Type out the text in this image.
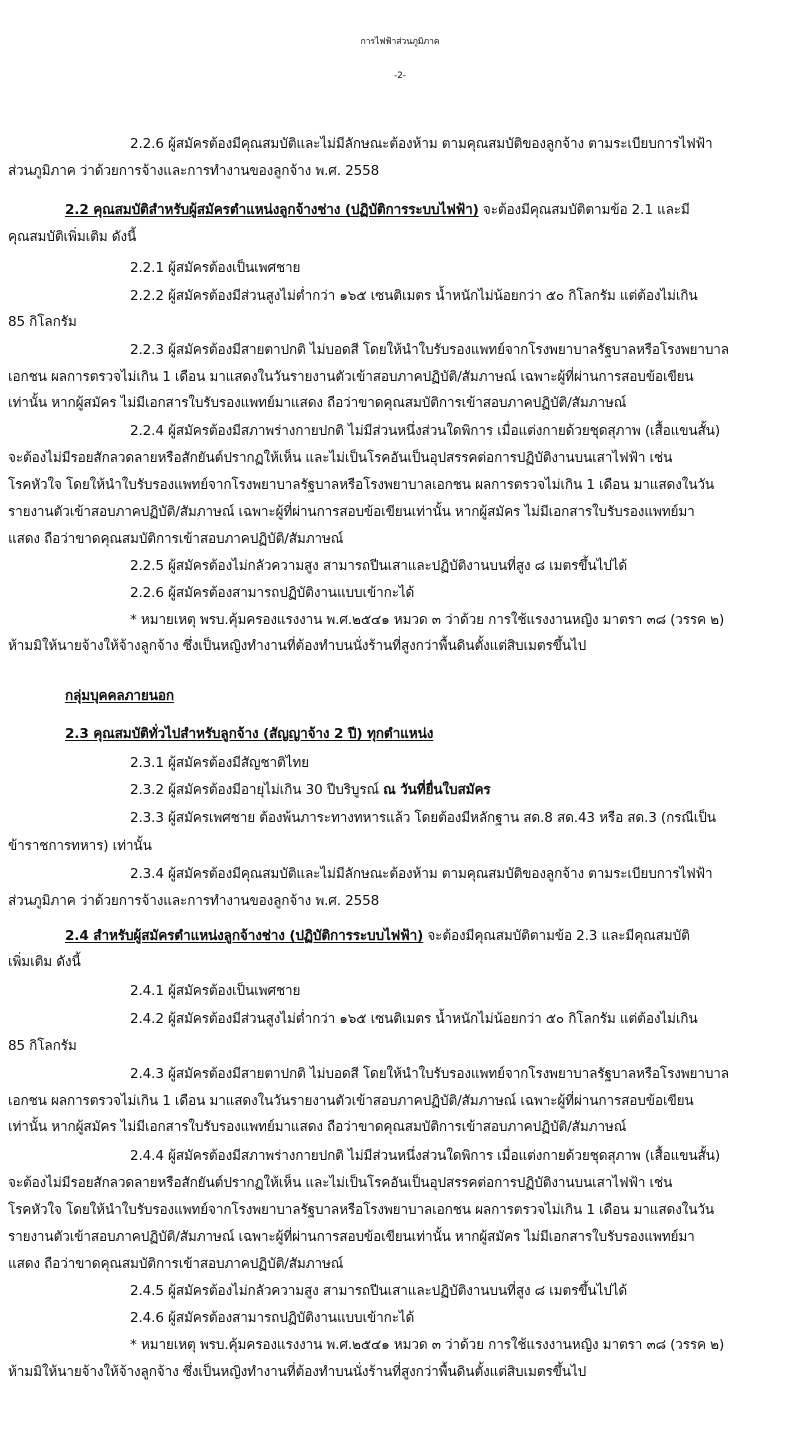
การไฟฟ้าส่วนภูมิภาค
-2-
2.2.6 ผู้สมัครต้องมีคุณสมบัติและไม่มีลักษณะต้องห้าม ตามคุณสมบัติของลูกจ้าง ตามระเบียบการไฟฟ้า
ส่วนภูมิภาค ว่าด้วยการจ้างและการทำงานของลูกจ้าง พ.ศ. 2558
2.2 คุณสมบัติสำหรับผู้สมัครตำแหน่งลูกจ้างช่าง (ปฏิบัติการระบบไฟฟ้า) จะต้องมีคุณสมบัติตามข้อ 2.1 และมี
คุณสมบัติเพิ่มเติม ดังนี้
2.2.1 ผู้สมัครต้องเป็นเพศชาย
2.2.2 ผู้สมัครต้องมีส่วนสูงไม่ต่ำกว่า ๑๖๕ เซนติเมตร น้ำหนักไม่น้อยกว่า ๕๐ กิโลกรัม แต่ต้องไม่เกิน
85 กิโลกรัม
2.2.3 ผู้สมัครต้องมีสายตาปกติ ไม่บอดสี โดยให้นำใบรับรองแพทย์จากโรงพยาบาลรัฐบาลหรือโรงพยาบาล
เอกชน ผลการตรวจไม่เกิน 1 เดือน มาแสดงในวันรายงานตัวเข้าสอบภาคปฏิบัติ/สัมภาษณ์ เฉพาะผู้ที่ผ่านการสอบข้อเขียน
เท่านั้น หากผู้สมัคร ไม่มีเอกสารใบรับรองแพทย์มาแสดง ถือว่าขาดคุณสมบัติการเข้าสอบภาคปฏิบัติ/สัมภาษณ์
2.2.4 ผู้สมัครต้องมีสภาพร่างกายปกติ ไม่มีส่วนหนึ่งส่วนใดพิการ เมื่อแต่งกายด้วยชุดสุภาพ (เสื้อแขนสั้น)
จะต้องไม่มีรอยสักลวดลายหรือสักยันต์ปรากฏให้เห็น และไม่เป็นโรคอันเป็นอุปสรรคต่อการปฏิบัติงานบนเสาไฟฟ้า เช่น
โรคหัวใจ โดยให้นำใบรับรองแพทย์จากโรงพยาบาลรัฐบาลหรือโรงพยาบาลเอกชน ผลการตรวจไม่เกิน 1 เดือน มาแสดงในวัน
รายงานตัวเข้าสอบภาคปฏิบัติ/สัมภาษณ์ เฉพาะผู้ที่ผ่านการสอบข้อเขียนเท่านั้น หากผู้สมัคร ไม่มีเอกสารใบรับรองแพทย์มา
แสดง ถือว่าขาดคุณสมบัติการเข้าสอบภาคปฏิบัติ/สัมภาษณ์
2.2.5 ผู้สมัครต้องไม่กลัวความสูง สามารถปีนเสาและปฏิบัติงานบนที่สูง ๘ เมตรขึ้นไปได้
2.2.6 ผู้สมัครต้องสามารถปฏิบัติงานแบบเข้ากะได้
* หมายเหตุ พรบ.คุ้มครองแรงงาน พ.ศ.๒๕๔๑ หมวด ๓ ว่าด้วย การใช้แรงงานหญิง มาตรา ๓๘ (วรรค ๒)
ห้ามมิให้นายจ้างให้จ้างลูกจ้าง ซึ่งเป็นหญิงทำงานที่ต้องทำบนนั่งร้านที่สูงกว่าพื้นดินตั้งแต่สิบเมตรขึ้นไป
กลุ่มบุคคลภายนอก
2.3 คุณสมบัติทั่วไปสำหรับลูกจ้าง (สัญญาจ้าง 2 ปี) ทุกตำแหน่ง
2.3.1 ผู้สมัครต้องมีสัญชาติไทย
2.3.2 ผู้สมัครต้องมีอายุไม่เกิน 30 ปีบริบูรณ์ ณ วันที่ยื่นใบสมัคร
2.3.3 ผู้สมัครเพศชาย ต้องพ้นภาระทางทหารแล้ว โดยต้องมีหลักฐาน สด.8 สด.43 หรือ สด.3 (กรณีเป็น
ข้าราชการทหาร) เท่านั้น
2.3.4 ผู้สมัครต้องมีคุณสมบัติและไม่มีลักษณะต้องห้าม ตามคุณสมบัติของลูกจ้าง ตามระเบียบการไฟฟ้า
ส่วนภูมิภาค ว่าด้วยการจ้างและการทำงานของลูกจ้าง พ.ศ. 2558
2.4 สำหรับผู้สมัครตำแหน่งลูกจ้างช่าง (ปฏิบัติการระบบไฟฟ้า) จะต้องมีคุณสมบัติตามข้อ 2.3 และมีคุณสมบัติ
เพิ่มเติม ดังนี้
2.4.1 ผู้สมัครต้องเป็นเพศชาย
2.4.2 ผู้สมัครต้องมีส่วนสูงไม่ต่ำกว่า ๑๖๕ เซนติเมตร น้ำหนักไม่น้อยกว่า ๕๐ กิโลกรัม แต่ต้องไม่เกิน
85 กิโลกรัม
2.4.3 ผู้สมัครต้องมีสายตาปกติ ไม่บอดสี โดยให้นำใบรับรองแพทย์จากโรงพยาบาลรัฐบาลหรือโรงพยาบาล
เอกชน ผลการตรวจไม่เกิน 1 เดือน มาแสดงในวันรายงานตัวเข้าสอบภาคปฏิบัติ/สัมภาษณ์ เฉพาะผู้ที่ผ่านการสอบข้อเขียน
เท่านั้น หากผู้สมัคร ไม่มีเอกสารใบรับรองแพทย์มาแสดง ถือว่าขาดคุณสมบัติการเข้าสอบภาคปฏิบัติ/สัมภาษณ์
2.4.4 ผู้สมัครต้องมีสภาพร่างกายปกติ ไม่มีส่วนหนึ่งส่วนใดพิการ เมื่อแต่งกายด้วยชุดสุภาพ (เสื้อแขนสั้น)
จะต้องไม่มีรอยสักลวดลายหรือสักยันต์ปรากฏให้เห็น และไม่เป็นโรคอันเป็นอุปสรรคต่อการปฏิบัติงานบนเสาไฟฟ้า เช่น
โรคหัวใจ โดยให้นำใบรับรองแพทย์จากโรงพยาบาลรัฐบาลหรือโรงพยาบาลเอกชน ผลการตรวจไม่เกิน 1 เดือน มาแสดงในวัน
รายงานตัวเข้าสอบภาคปฏิบัติ/สัมภาษณ์ เฉพาะผู้ที่ผ่านการสอบข้อเขียนเท่านั้น หากผู้สมัคร ไม่มีเอกสารใบรับรองแพทย์มา
แสดง ถือว่าขาดคุณสมบัติการเข้าสอบภาคปฏิบัติ/สัมภาษณ์
2.4.5 ผู้สมัครต้องไม่กลัวความสูง สามารถปีนเสาและปฏิบัติงานบนที่สูง ๘ เมตรขึ้นไปได้
2.4.6 ผู้สมัครต้องสามารถปฏิบัติงานแบบเข้ากะได้
* หมายเหตุ พรบ.คุ้มครองแรงงาน พ.ศ.๒๕๔๑ หมวด ๓ ว่าด้วย การใช้แรงงานหญิง มาตรา ๓๘ (วรรค ๒)
ห้ามมิให้นายจ้างให้จ้างลูกจ้าง ซึ่งเป็นหญิงทำงานที่ต้องทำบนนั่งร้านที่สูงกว่าพื้นดินตั้งแต่สิบเมตรขึ้นไป
